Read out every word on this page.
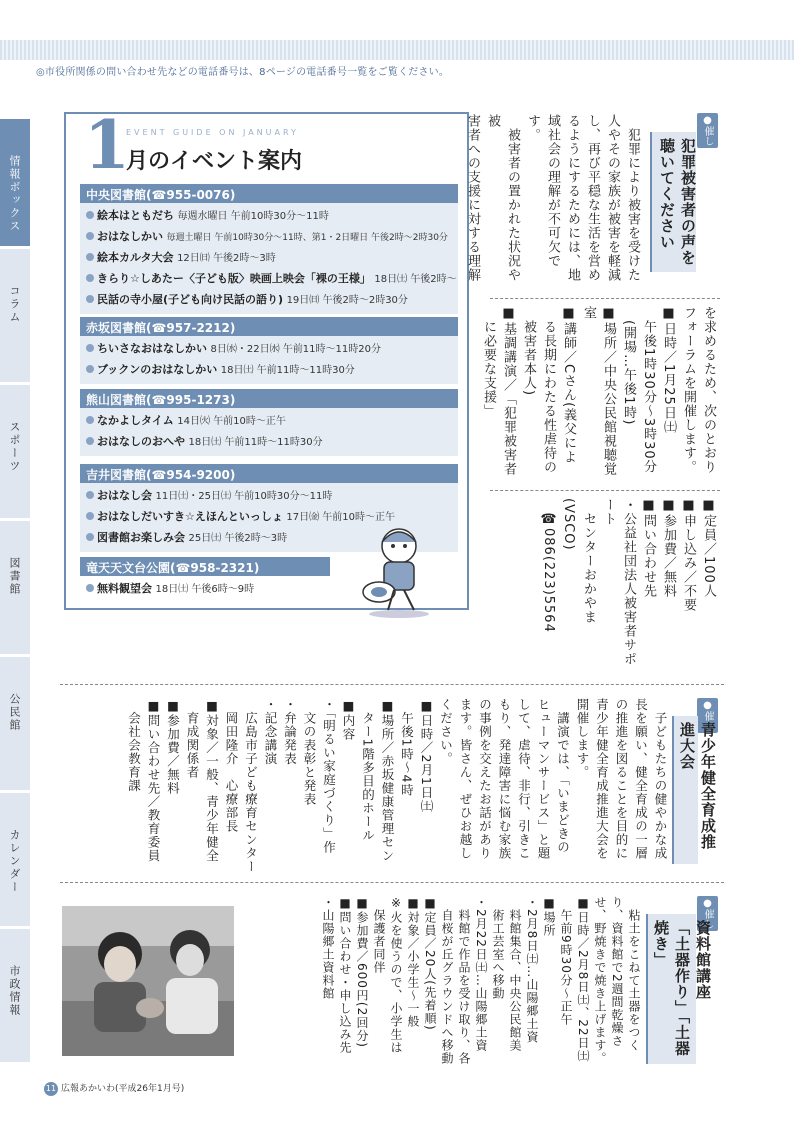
◎市役所関係の問い合わせ先などの電話番号は、8ページの電話番号一覧をご覧ください。
情報ボックス
コラム
スポーツ
図書館
公民館
カレンダー
市政情報
1
EVENT GUIDE ON JANUARY
月のイベント案内
中央図書館(☎955-0076)
絵本はともだち 毎週水曜日 午前10時30分〜11時
おはなしかい 毎週土曜日 午前10時30分〜11時、第1・2日曜日 午後2時〜2時30分
絵本カルタ大会 12日㈰ 午後2時〜3時
きらり☆しあたー〈子ども版〉映画上映会「裸の王様」 18日㈯ 午後2時〜
民話の寺小屋(子ども向け民話の語り) 19日㈰ 午後2時〜2時30分
赤坂図書館(☎957-2212)
ちいさなおはなしかい 8日㈬・22日㈬ 午前11時〜11時20分
ブックンのおはなしかい 18日㈯ 午前11時〜11時30分
熊山図書館(☎995-1273)
なかよしタイム 14日㈫ 午前10時〜正午
おはなしのおへや 18日㈯ 午前11時〜11時30分
吉井図書館(☎954-9200)
おはなし会 11日㈯・25日㈯ 午前10時30分〜11時
おはなしだいすき☆えほんといっしょ 17日㈮ 午前10時〜正午
図書館お楽しみ会 25日㈯ 午後2時〜3時
竜天天文台公園(☎958-2321)
無料観望会 18日㈯ 午後6時〜9時
●催し

犯罪被害者の声を

聴いてください

　犯罪により被害を受けた

人やその家族が被害を軽減

し、再び平穏な生活を営め

るようにするためには、地

域社会の理解が不可欠です。

　被害者の置かれた状況や被

害者への支援に対する理解

を求めるため、次のとおり

フォーラムを開催します。

■日時／1月25日㈯

　午後1時30分〜3時30分

　(開場…午後1時)

■場所／中央公民館視聴覚室

■講師／Cさん(義父によ

　る長期にわたる性虐待の

　被害者本人)

■基調講演／「犯罪被害者

　に必要な支援」

■定員／100人

■申し込み／不要

■参加費／無料

■問い合わせ先

・公益社団法人被害者サポート

　センターおかやま(VSCO)

　☎086(223)5564

●催し

青少年健全育成推進大会

　子どもたちの健やかな成

長を願い、健全育成の一層

の推進を図ることを目的に

青少年健全育成推進大会を

開催します。

　講演では、「いまどきの

ヒューマンサービス」と題

して、虐待、非行、引きこ

もり、発達障害に悩む家族

の事例を交えたお話があり

ます。皆さん、ぜひお越し

ください。

■日時／2月1日㈯

　午後1時〜4時

■場所／赤坂健康管理セン

　ター1階多目的ホール

■内容

・「明るい家庭づくり」作

　文の表彰と発表

・弁論発表

・記念講演

　広島市子ども療育センター

　岡田隆介　心療部長

■対象／一般、青少年健全

　育成関係者

■参加費／無料

■問い合わせ先／教育委員

　会社会教育課

●催し

資料館講座

「土器作り」「土器焼き」

　粘土をこねて土器をつく

り、資料館で2週間乾燥さ

せ、野焼きで焼き上げます。

■日時／2月8日㈯、22日㈯

　午前9時30分〜正午

■場所

・2月8日㈯…山陽郷土資

　料館集合、中央公民館美

　術工芸室へ移動

・2月22日㈯…山陽郷土資

　料館で作品を受け取り、各

　自桜が丘グラウンドへ移動

■定員／20人(先着順)

■対象／小学生〜一般

※火を使うので、小学生は

　保護者同伴

■参加費／600円(2回分)

■問い合わせ・申し込み先

・山陽郷土資料館

11 広報あかいわ(平成26年1月号)
